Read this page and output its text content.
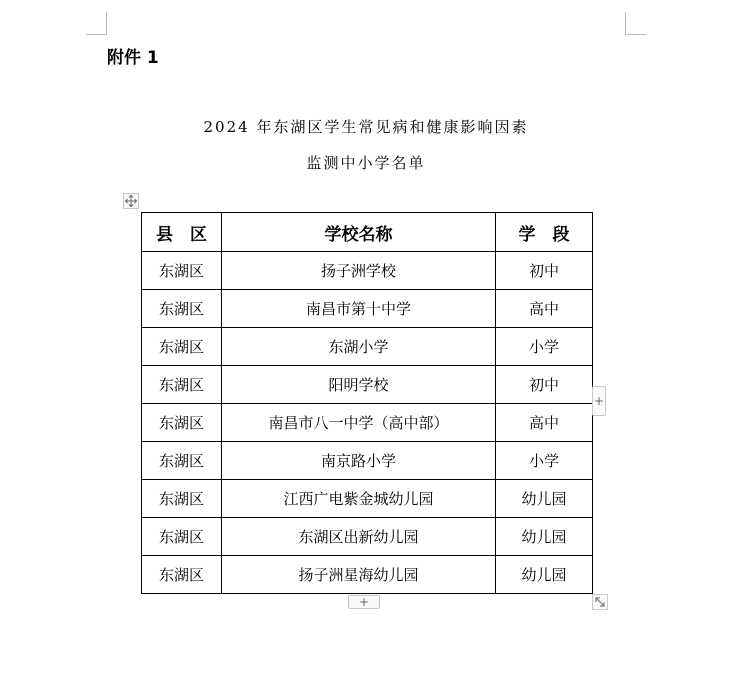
附件 1
2024 年东湖区学生常见病和健康影响因素
监测中小学名单
县　区	学校名称	学　段
东湖区	扬子洲学校	初中
东湖区	南昌市第十中学	高中
东湖区	东湖小学	小学
东湖区	阳明学校	初中
东湖区	南昌市八一中学（高中部）	高中
东湖区	南京路小学	小学
东湖区	江西广电紫金城幼儿园	幼儿园
东湖区	东湖区出新幼儿园	幼儿园
东湖区	扬子洲星海幼儿园	幼儿园
+
+
